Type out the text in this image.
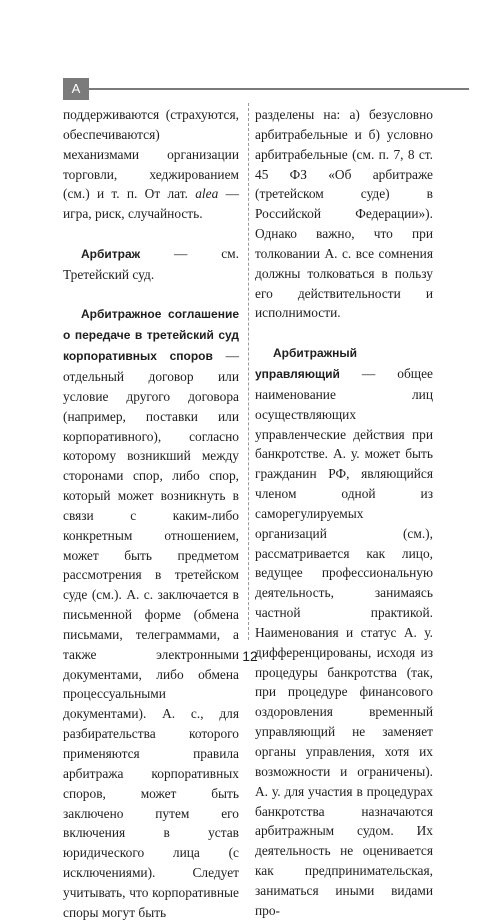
А

поддерживаются (страхуются, обеспечиваются) механизмами организации торговли, хеджированием (см.) и т. п. От лат. alea — игра, риск, случайность.

Арбитраж	— см. Третейский суд.

Арбитражное соглашение о передаче в третейский суд корпоративных споров — отдельный договор или условие другого договора (например, поставки или корпоративного), согласно которому возникший между сторонами спор, либо спор, который может возникнуть в связи с каким-либо конкретным отношением, может быть предметом рассмотрения в третейском суде (см.). А. с. заключается в письменной форме (обмена письмами, телеграммами, а также электронными документами, либо обмена процессуальными документами). А. с., для разбирательства которого применяются правила арбитража корпоративных споров, может быть заключено путем его включения в устав юридического лица (с исключениями). Следует учитывать, что корпоративные споры могут быть

разделены на: а) безусловно арбитрабельные и б) условно арбитрабельные (см. п. 7, 8 ст. 45 ФЗ «Об арбитраже (третейском суде) в Российской Федерации»). Однако важно, что при толковании А. с. все сомнения должны толковаться в пользу его действительности и исполнимости.

Арбитражный управляющий — общее наименование лиц осуществляющих управленческие действия при банкротстве. А. у. может быть гражданин РФ, являющийся членом одной из саморегулируемых организаций (см.), рассматривается как лицо, ведущее профессиональную деятельность, занимаясь частной практикой. Наименования и статус А. у. дифференцированы, исходя из процедуры банкротства (так, при процедуре финансового оздоровления временный управляющий не заменяет органы управления, хотя их возможности и ограничены). А. у. для участия в процедурах банкротства назначаются арбитражным судом. Их деятельность не оценивается как предпринимательская, заниматься иными видами про-

12
